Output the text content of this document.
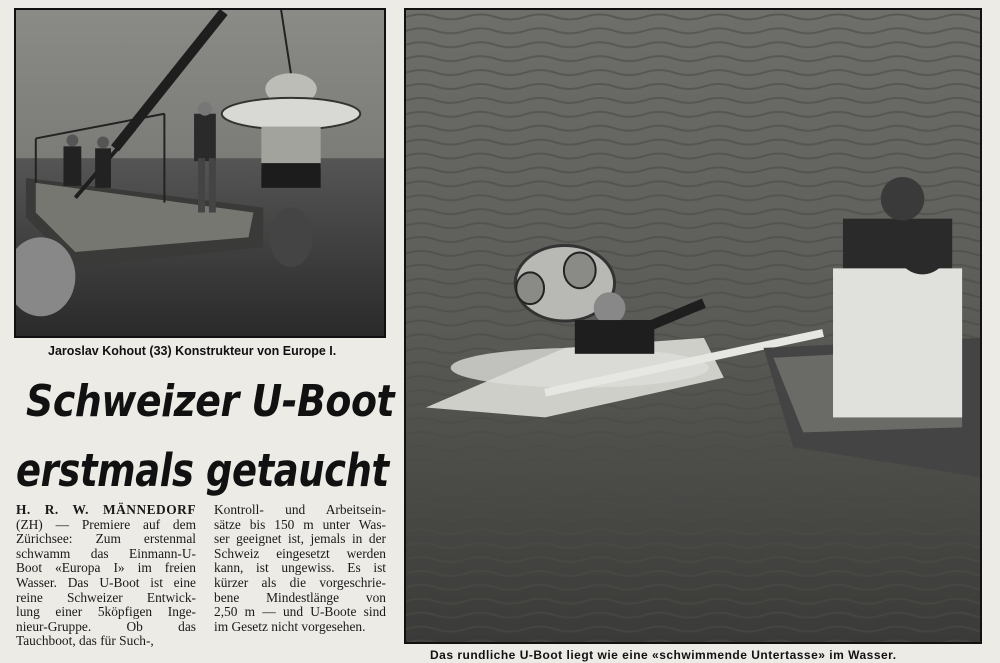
Jaroslav Kohout (33) Konstrukteur von Europe I.
Schweizer U-Boot
erstmals getaucht
H. R. W. MÄNNEDORF
(ZH) — Premiere auf dem
Zürichsee: Zum erstenmal
schwamm das Einmann-U-
Boot «Europa I» im freien
Wasser. Das U-Boot ist eine
reine Schweizer Entwick-
lung einer 5köpfigen Inge-
nieur-Gruppe. Ob das
Tauchboot, das für Such-,
Kontroll- und Arbeitsein-
sätze bis 150 m unter Was-
ser geeignet ist, jemals in der
Schweiz eingesetzt werden
kann, ist ungewiss. Es ist
kürzer als die vorgeschrie-
bene Mindestlänge von
2,50 m — und U-Boote sind
im Gesetz nicht vorgesehen.
Das rundliche U-Boot liegt wie eine «schwimmende Untertasse» im Wasser.
